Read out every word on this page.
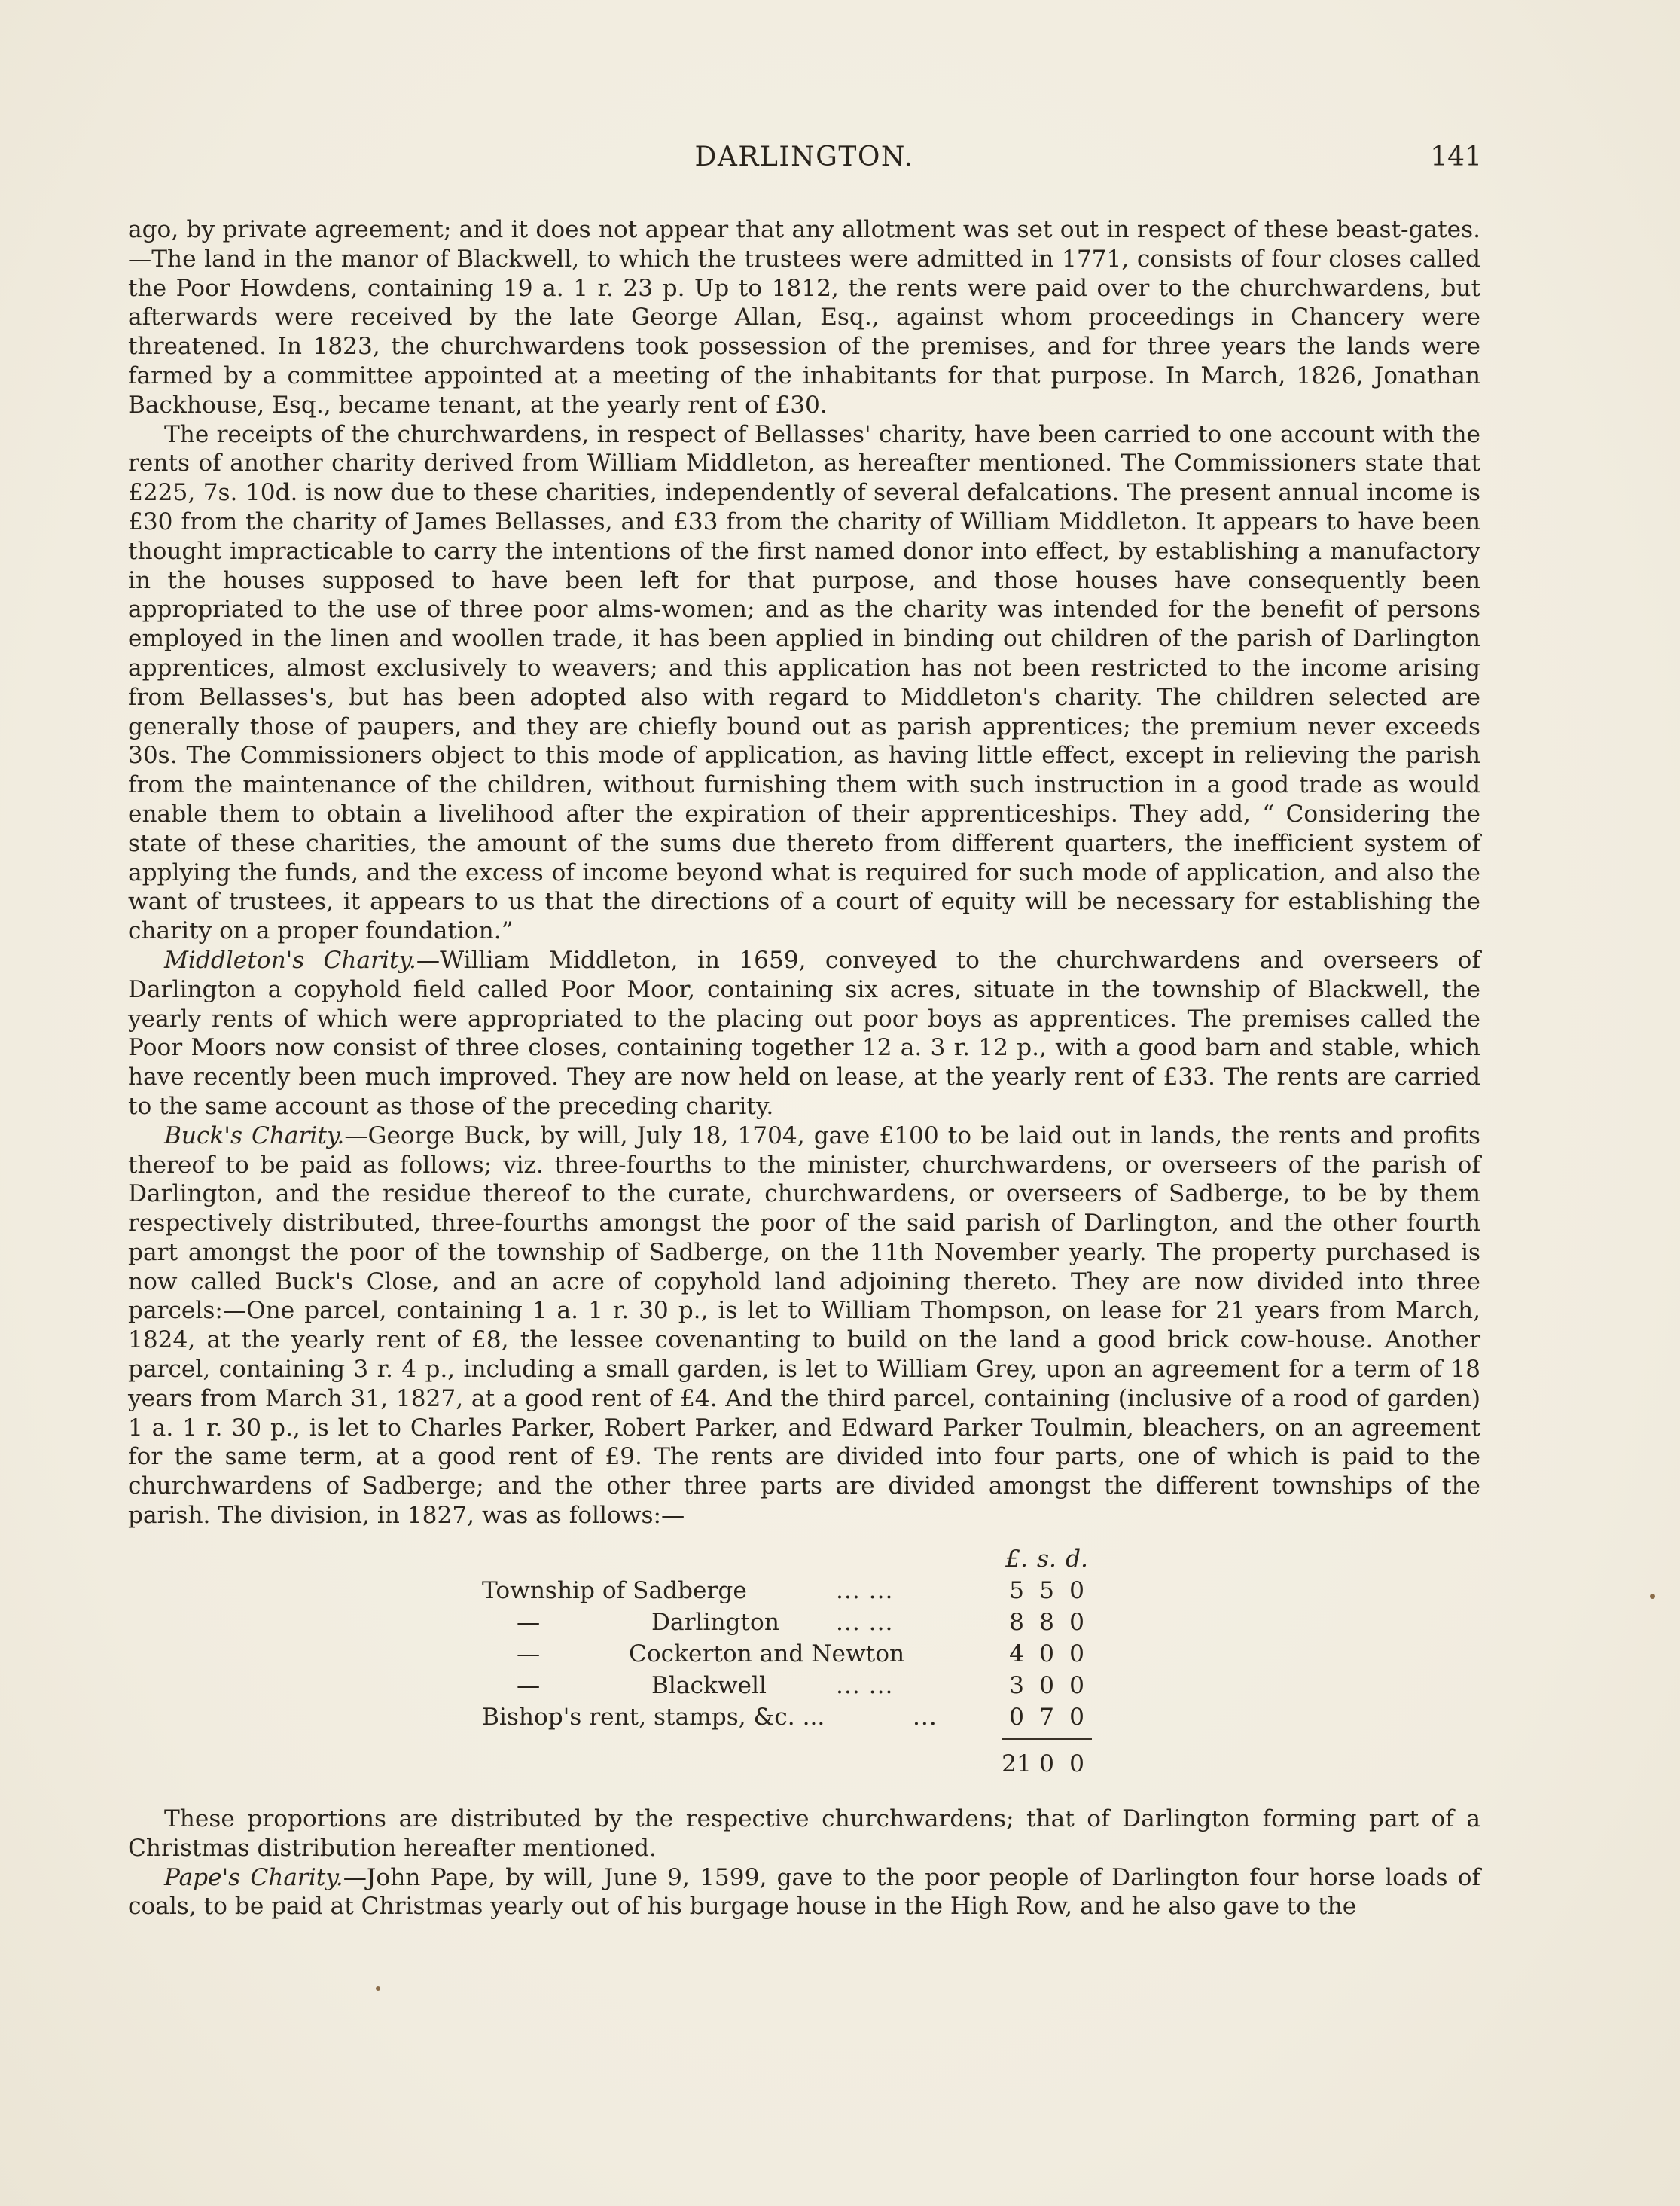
DARLINGTON.	141

ago, by private agreement; and it does not appear that any allotment was set out in respect of these beast-gates.—The land in the manor of Blackwell, to which the trustees were admitted in 1771, consists of four closes called the Poor Howdens, containing 19 a. 1 r. 23 p. Up to 1812, the rents were paid over to the churchwardens, but afterwards were received by the late George Allan, Esq., against whom proceedings in Chancery were threatened. In 1823, the churchwardens took possession of the premises, and for three years the lands were farmed by a committee appointed at a meeting of the inhabitants for that purpose. In March, 1826, Jonathan Backhouse, Esq., became tenant, at the yearly rent of £30.

The receipts of the churchwardens, in respect of Bellasses' charity, have been carried to one account with the rents of another charity derived from William Middleton, as hereafter mentioned. The Commissioners state that £225, 7s. 10d. is now due to these charities, independently of several defalcations. The present annual income is £30 from the charity of James Bellasses, and £33 from the charity of William Middleton. It appears to have been thought impracticable to carry the intentions of the first named donor into effect, by establishing a manufactory in the houses supposed to have been left for that purpose, and those houses have consequently been appropriated to the use of three poor alms-women; and as the charity was intended for the benefit of persons employed in the linen and woollen trade, it has been applied in binding out children of the parish of Darlington apprentices, almost exclusively to weavers; and this application has not been restricted to the income arising from Bellasses's, but has been adopted also with regard to Middleton's charity. The children selected are generally those of paupers, and they are chiefly bound out as parish apprentices; the premium never exceeds 30s. The Commissioners object to this mode of application, as having little effect, except in relieving the parish from the maintenance of the children, without furnishing them with such instruction in a good trade as would enable them to obtain a livelihood after the expiration of their apprenticeships. They add, “ Considering the state of these charities, the amount of the sums due thereto from different quarters, the inefficient system of applying the funds, and the excess of income beyond what is required for such mode of application, and also the want of trustees, it appears to us that the directions of a court of equity will be necessary for establishing the charity on a proper foundation.”

Middleton's Charity.—William Middleton, in 1659, conveyed to the churchwardens and overseers of Darlington a copyhold field called Poor Moor, containing six acres, situate in the township of Blackwell, the yearly rents of which were appropriated to the placing out poor boys as apprentices. The premises called the Poor Moors now consist of three closes, containing together 12 a. 3 r. 12 p., with a good barn and stable, which have recently been much improved. They are now held on lease, at the yearly rent of £33. The rents are carried to the same account as those of the preceding charity.

Buck's Charity.—George Buck, by will, July 18, 1704, gave £100 to be laid out in lands, the rents and profits thereof to be paid as follows; viz. three-fourths to the minister, churchwardens, or overseers of the parish of Darlington, and the residue thereof to the curate, churchwardens, or overseers of Sadberge, to be by them respectively distributed, three-fourths amongst the poor of the said parish of Darlington, and the other fourth part amongst the poor of the township of Sadberge, on the 11th November yearly. The property purchased is now called Buck's Close, and an acre of copyhold land adjoining thereto. They are now divided into three parcels:—One parcel, containing 1 a. 1 r. 30 p., is let to William Thompson, on lease for 21 years from March, 1824, at the yearly rent of £8, the lessee covenanting to build on the land a good brick cow-house. Another parcel, containing 3 r. 4 p., including a small garden, is let to William Grey, upon an agreement for a term of 18 years from March 31, 1827, at a good rent of £4. And the third parcel, containing (inclusive of a rood of garden) 1 a. 1 r. 30 p., is let to Charles Parker, Robert Parker, and Edward Parker Toulmin, bleachers, on an agreement for the same term, at a good rent of £9. The rents are divided into four parts, one of which is paid to the churchwardens of Sadberge; and the other three parts are divided amongst the different townships of the parish. The division, in 1827, was as follows:—

£. s. d.
Township of Sadberge	... ...	5 5 0
—	Darlington ... ...	8 8 0
—	Cockerton and Newton	4 0 0
—	Blackwell	... ...	3 0 0
Bishop's rent, stamps, &c. ...	...	0 7 0
21 0 0

These proportions are distributed by the respective churchwardens; that of Darlington forming part of a Christmas distribution hereafter mentioned.

Pape's Charity.—John Pape, by will, June 9, 1599, gave to the poor people of Darlington four horse loads of coals, to be paid at Christmas yearly out of his burgage house in the High Row, and he also gave to the
